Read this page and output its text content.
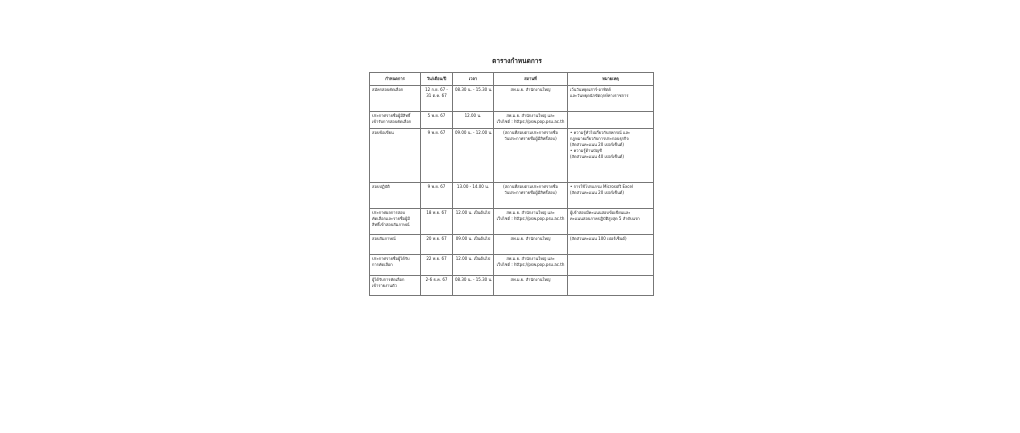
ตารางกำหนดการ
กำหนดการ	วัน/เดือน/ปี	เวลา	สถานที่	หมายเหตุ

สมัครสอบคัดเลือก	12 ก.ย. 67 -
31 ต.ค. 67	08.30 น. - 15.30 น.	สพ.ม.ย. สำนักงานใหญ่	เว้นวันหยุดเสาร์-อาทิตย์
และวันหยุดนักขัตฤกษ์ทางราชการ

ประกาศรายชื่อผู้มีสิทธิ์
เข้ารับการสอบคัดเลือก	5 พ.ย. 67	12.00 น.	สพ.ม.ย. สำนักงานใหญ่ และ
เว็บไซต์ : https://psw.pop.psu.ac.th	

สอบข้อเขียน	9 พ.ย. 67	09.00 น. - 12.00 น.	(สถานที่สอบตามประกาศรายชื่อ
วันประกาศรายชื่อผู้มีสิทธิ์สอบ)	• ความรู้ทั่วไปเกี่ยวกับสหกรณ์ และ
กฎหมายเกี่ยวกับการประกอบธุรกิจ
(สัดส่วนคะแนน 20 เปอร์เซ็นต์)
• ความรู้ด้านบัญชี
(สัดส่วนคะแนน 40 เปอร์เซ็นต์)

สอบปฏิบัติ	9 พ.ย. 67	13.00 - 14.00 น.	(สถานที่สอบตามประกาศรายชื่อ
วันประกาศรายชื่อผู้มีสิทธิ์สอบ)	• การใช้โปรแกรม Microsoft Excel
(สัดส่วนคะแนน 20 เปอร์เซ็นต์)

ประกาศผลการสอบ
คัดเลือกและรายชื่อผู้มี
สิทธิ์เข้าสอบสัมภาษณ์	18 พ.ย. 67	12.00 น. เป็นต้นไป	สพ.ม.ย. สำนักงานใหญ่ และ
เว็บไซต์ : https://psw.pop.psu.ac.th	ผู้เข้าสอบมีคะแนนสอบข้อเขียนและ
คะแนนสอบภาคปฏิบัติสูงสุด 5 ลำดับแรก

สอบสัมภาษณ์	20 พ.ย. 67	09.00 น. เป็นต้นไป	สพ.ม.ย. สำนักงานใหญ่	(สัดส่วนคะแนน 100 เปอร์เซ็นต์)

ประกาศรายชื่อผู้ได้รับ
การคัดเลือก	22 พ.ย. 67	12.00 น. เป็นต้นไป	สพ.ม.ย. สำนักงานใหญ่ และ
เว็บไซต์ : https://psw.pop.psu.ac.th	

ผู้ได้รับการคัดเลือก
เข้ารายงานตัว	2-6 ธ.ค. 67	08.30 น. - 15.30 น.	สพ.ม.ย. สำนักงานใหญ่	
